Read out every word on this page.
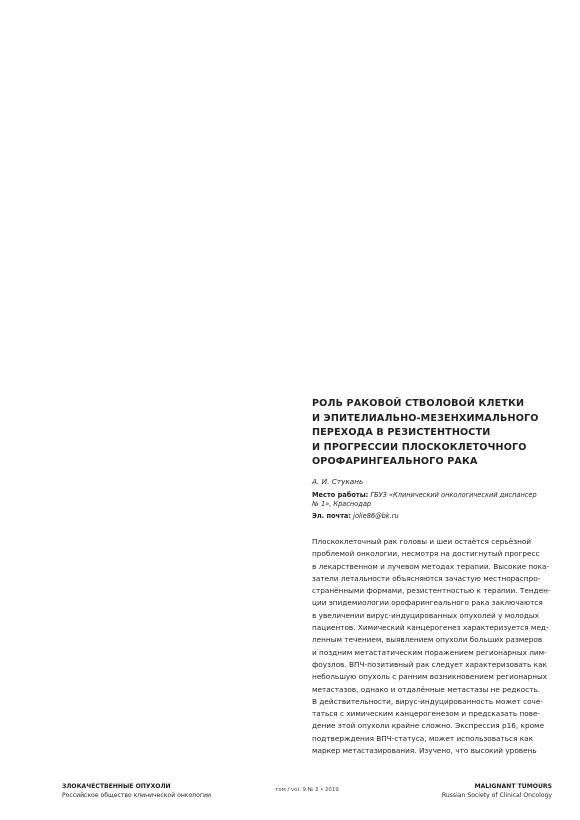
РОЛЬ РАКОВОЙ СТВОЛОВОЙ КЛЕТКИ
И ЭПИТЕЛИАЛЬНО-МЕЗЕНХИМАЛЬНОГО
ПЕРЕХОДА В РЕЗИСТЕНТНОСТИ
И ПРОГРЕССИИ ПЛОСКОКЛЕТОЧНОГО
ОРОФАРИНГЕАЛЬНОГО РАКА
А. И. Стукань
Место работы: ГБУЗ «Клинический онкологический диспансер
№ 1», Краснодар
Эл. почта: jolie86@bk.ru
Плоскоклеточный рак головы и шеи остаётся серьёзной
проблемой онкологии, несмотря на достигнутый прогресс
в лекарственном и лучевом методах терапии. Высокие пока-
затели летальности объясняются зачастую местнораспро-
странёнными формами, резистентностью к терапии. Тенден-
ции эпидемиологии орофарингеального рака заключаются
в увеличении вирус-индуцированных опухолей у молодых
пациентов. Химический канцерогенез характеризуется мед-
ленным течением, выявлением опухоли больших размеров
и поздним метастатическим поражением регионарных лим-
фоузлов. ВПЧ-позитивный рак следует характеризовать как
небольшую опухоль с ранним возникновением регионарных
метастазов, однако и отдалённые метастазы не редкость.
В действительности, вирус-индуцированность может соче-
таться с химическим канцерогенезом и предсказать пове-
дение этой опухоли крайне сложно. Экспрессия р16, кроме
подтверждения ВПЧ-статуса, может использоваться как
маркер метастазирования. Изучено, что высокий уровень
ЗЛОКАЧЕСТВЕННЫЕ ОПУХОЛИ
Российское общество клинической онкологии
том / vol. 9 № 3 • 2019	MALIGNANT TUMOURS
Russian Society of Clinical Oncology
